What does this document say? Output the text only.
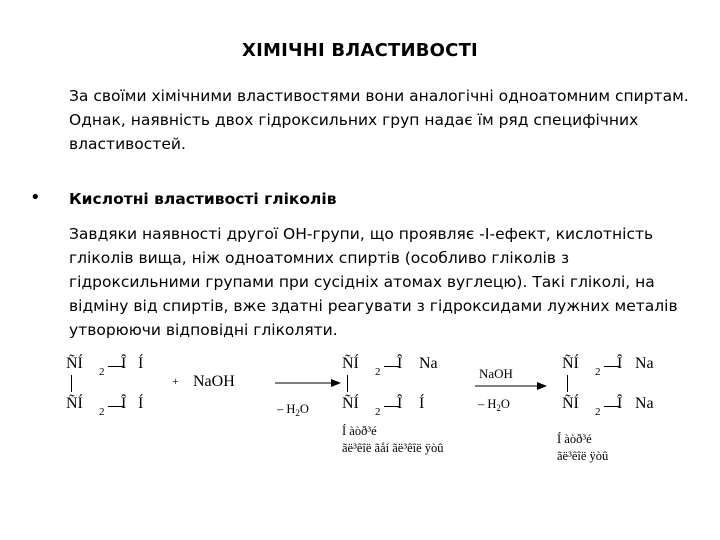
ХІМІЧНІ ВЛАСТИВОСТІ
За своїми хімічними властивостями вони аналогічні одноатомним спиртам. Однак, наявність двох гідроксильних груп надає їм ряд специфічних властивостей.
• Кислотні властивості гліколів
Завдяки наявності другої ОН-групи, що проявляє -І-ефект, кислотність гліколів вища, ніж одноатомних спиртів (особливо гліколів з гідроксильними групами при сусідніх атомах вуглецю). Такі гліколі, на відміну від спиртів, вже здатні реагувати з гідроксидами лужних металів утворюючи відповідні гліколяти.
ÑÍ 2 Î Í
ÑÍ 2 Î Í
+ NaOH
– H2O
ÑÍ 2 Î Na
ÑÍ 2 Î Í
Í àòð³é
ãë³êîë ãåí ãë³êîë ÿòû
NaOH
– H2O
ÑÍ 2 Î Na
ÑÍ 2 Î Na
Í àòð³é
ãë³êîë ÿòû
